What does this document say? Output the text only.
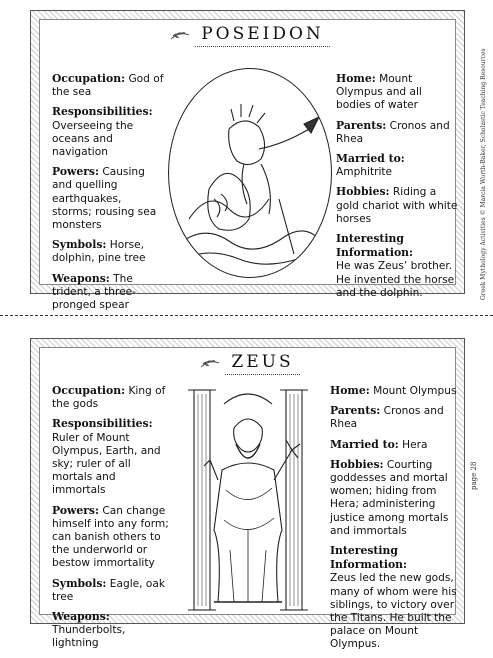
POSEIDON
Occupation: God of the sea
Responsibilities:
Overseeing the oceans and navigation
Powers: Causing and quelling earthquakes, storms; rousing sea monsters
Symbols: Horse, dolphin, pine tree
Weapons: The trident, a three-pronged spear
Home: Mount Olympus and all bodies of water
Parents: Cronos and Rhea
Married to: Amphitrite
Hobbies: Riding a gold chariot with white horses
Interesting Information:
He was Zeus’ brother. He invented the horse and the dolphin.	Greek Mythology Activities © Marcia Worth-Baker, Scholastic Teaching Resources
ZEUS
Occupation: King of the gods
Responsibilities: Ruler of Mount Olympus, Earth, and sky; ruler of all mortals and immortals
Powers: Can change himself into any form; can banish others to the underworld or bestow immortality
Symbols: Eagle, oak tree
Weapons: Thunderbolts, lightning
Home: Mount Olympus
Parents: Cronos and Rhea
Married to: Hera
Hobbies: Courting goddesses and mortal women; hiding from Hera; administering justice among mortals and immortals
Interesting Information:
Zeus led the new gods, many of whom were his siblings, to victory over the Titans. He built the palace on Mount Olympus.
page 28
